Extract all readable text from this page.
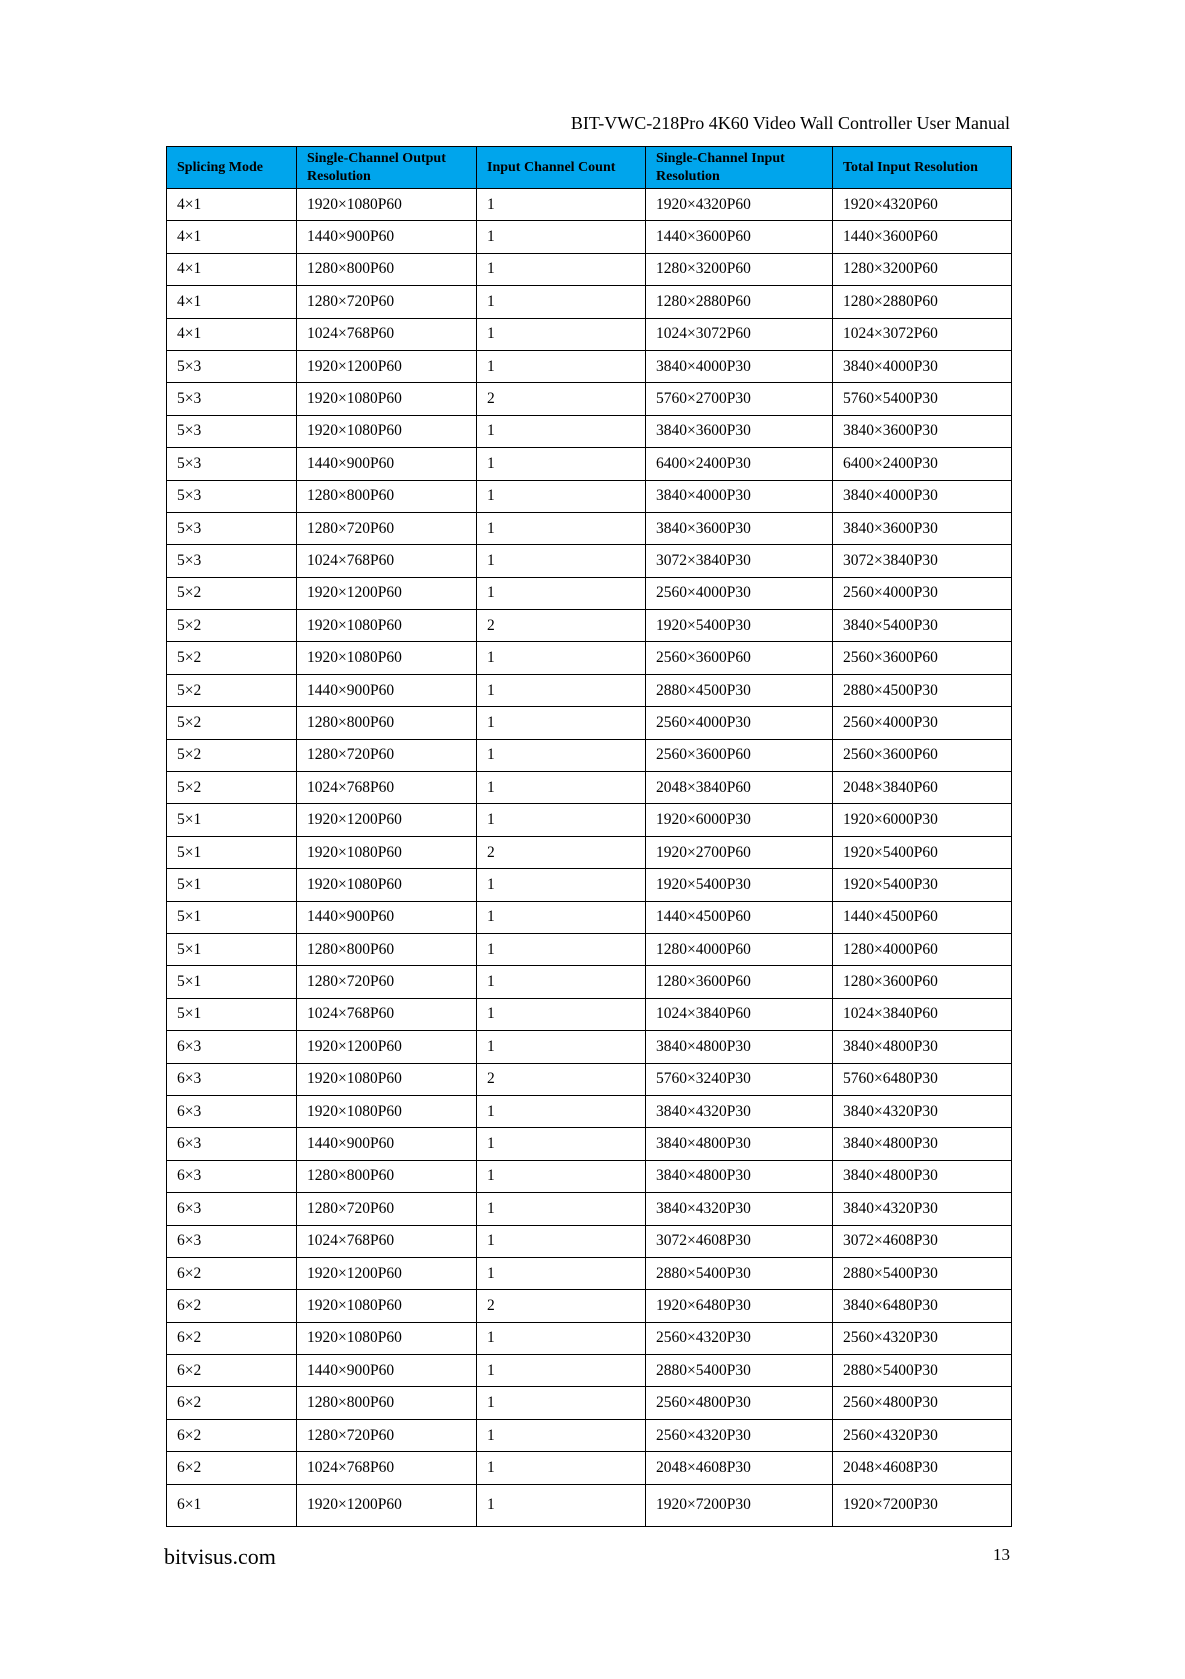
BIT-VWC-218Pro 4K60 Video Wall Controller User Manual
Splicing Mode	Single-Channel Output Resolution	Input Channel Count	Single-Channel Input Resolution	Total Input Resolution
4×1	1920×1080P60	1	1920×4320P60	1920×4320P60
4×1	1440×900P60	1	1440×3600P60	1440×3600P60
4×1	1280×800P60	1	1280×3200P60	1280×3200P60
4×1	1280×720P60	1	1280×2880P60	1280×2880P60
4×1	1024×768P60	1	1024×3072P60	1024×3072P60
5×3	1920×1200P60	1	3840×4000P30	3840×4000P30
5×3	1920×1080P60	2	5760×2700P30	5760×5400P30
5×3	1920×1080P60	1	3840×3600P30	3840×3600P30
5×3	1440×900P60	1	6400×2400P30	6400×2400P30
5×3	1280×800P60	1	3840×4000P30	3840×4000P30
5×3	1280×720P60	1	3840×3600P30	3840×3600P30
5×3	1024×768P60	1	3072×3840P30	3072×3840P30
5×2	1920×1200P60	1	2560×4000P30	2560×4000P30
5×2	1920×1080P60	2	1920×5400P30	3840×5400P30
5×2	1920×1080P60	1	2560×3600P60	2560×3600P60
5×2	1440×900P60	1	2880×4500P30	2880×4500P30
5×2	1280×800P60	1	2560×4000P30	2560×4000P30
5×2	1280×720P60	1	2560×3600P60	2560×3600P60
5×2	1024×768P60	1	2048×3840P60	2048×3840P60
5×1	1920×1200P60	1	1920×6000P30	1920×6000P30
5×1	1920×1080P60	2	1920×2700P60	1920×5400P60
5×1	1920×1080P60	1	1920×5400P30	1920×5400P30
5×1	1440×900P60	1	1440×4500P60	1440×4500P60
5×1	1280×800P60	1	1280×4000P60	1280×4000P60
5×1	1280×720P60	1	1280×3600P60	1280×3600P60
5×1	1024×768P60	1	1024×3840P60	1024×3840P60
6×3	1920×1200P60	1	3840×4800P30	3840×4800P30
6×3	1920×1080P60	2	5760×3240P30	5760×6480P30
6×3	1920×1080P60	1	3840×4320P30	3840×4320P30
6×3	1440×900P60	1	3840×4800P30	3840×4800P30
6×3	1280×800P60	1	3840×4800P30	3840×4800P30
6×3	1280×720P60	1	3840×4320P30	3840×4320P30
6×3	1024×768P60	1	3072×4608P30	3072×4608P30
6×2	1920×1200P60	1	2880×5400P30	2880×5400P30
6×2	1920×1080P60	2	1920×6480P30	3840×6480P30
6×2	1920×1080P60	1	2560×4320P30	2560×4320P30
6×2	1440×900P60	1	2880×5400P30	2880×5400P30
6×2	1280×800P60	1	2560×4800P30	2560×4800P30
6×2	1280×720P60	1	2560×4320P30	2560×4320P30
6×2	1024×768P60	1	2048×4608P30	2048×4608P30
6×1	1920×1200P60	1	1920×7200P30	1920×7200P30
bitvisus.com	13
